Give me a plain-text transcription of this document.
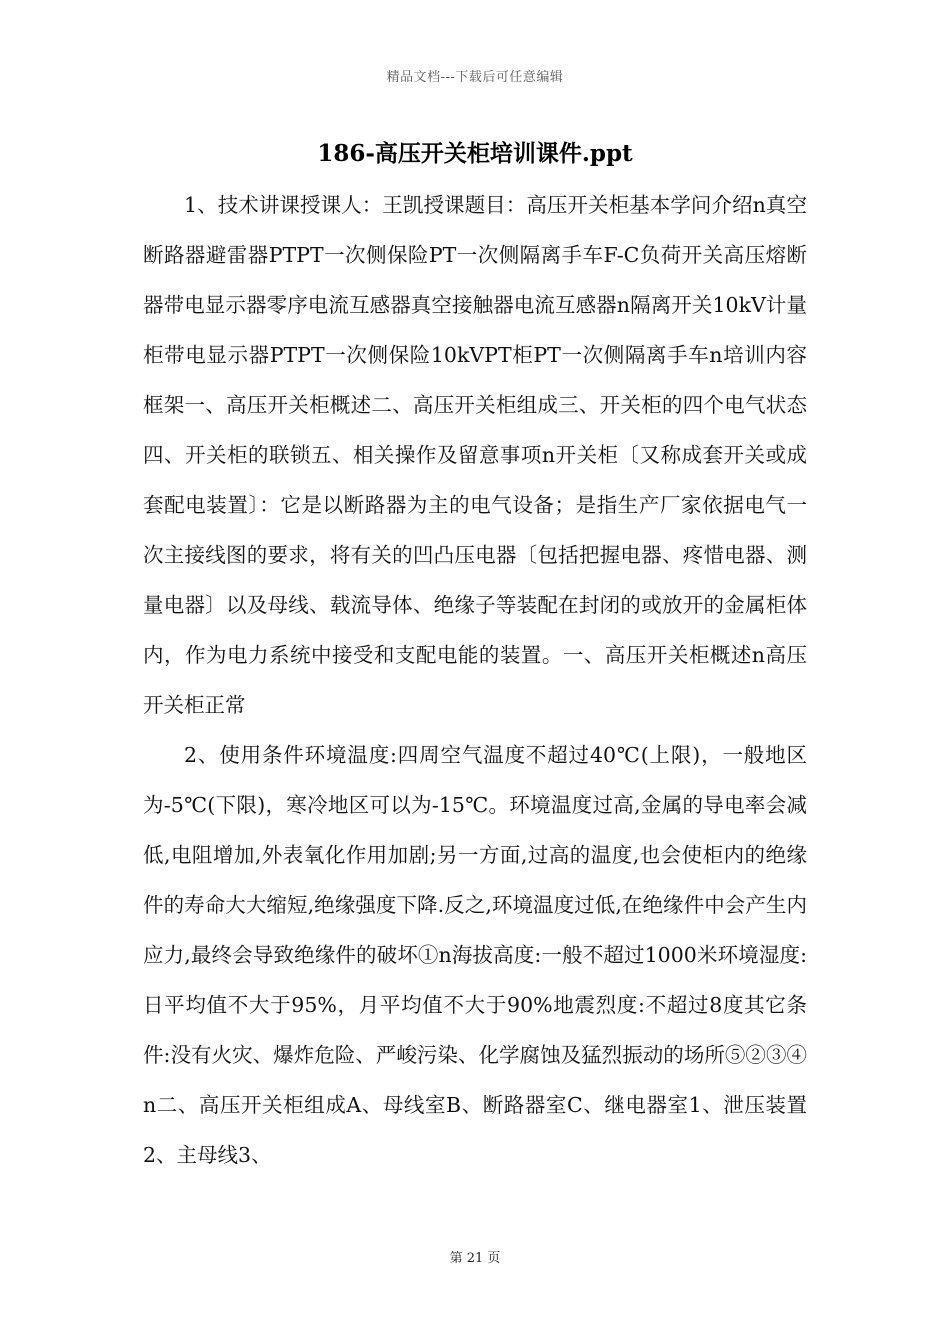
精品文档---下载后可任意编辑
186-高压开关柜培训课件.ppt

1、技术讲课授课人：王凯授课题目：高压开关柜基本学问介绍n真空断路器避雷器PTPT一次侧保险PT一次侧隔离手车F-C负荷开关高压熔断器带电显示器零序电流互感器真空接触器电流互感器n隔离开关10kV计量柜带电显示器PTPT一次侧保险10kVPT柜PT一次侧隔离手车n培训内容框架一、高压开关柜概述二、高压开关柜组成三、开关柜的四个电气状态四、开关柜的联锁五、相关操作及留意事项n开关柜〔又称成套开关或成套配电装置〕：它是以断路器为主的电气设备；是指生产厂家依据电气一次主接线图的要求，将有关的凹凸压电器〔包括把握电器、疼惜电器、测量电器〕以及母线、载流导体、绝缘子等装配在封闭的或放开的金属柜体内，作为电力系统中接受和支配电能的装置。一、高压开关柜概述n高压开关柜正常

2、使用条件环境温度:四周空气温度不超过40℃(上限)，一般地区为-5℃(下限)，寒冷地区可以为-15℃。环境温度过高,金属的导电率会减低,电阻增加,外表氧化作用加剧;另一方面,过高的温度,也会使柜内的绝缘件的寿命大大缩短,绝缘强度下降.反之,环境温度过低,在绝缘件中会产生内应力,最终会导致绝缘件的破坏①n海拔高度:一般不超过1000米环境湿度:日平均值不大于95%，月平均值不大于90%地震烈度:不超过8度其它条件:没有火灾、爆炸危险、严峻污染、化学腐蚀及猛烈振动的场所⑤②③④n二、高压开关柜组成A、母线室B、断路器室C、继电器室1、泄压装置2、主母线3、

第 21 页
